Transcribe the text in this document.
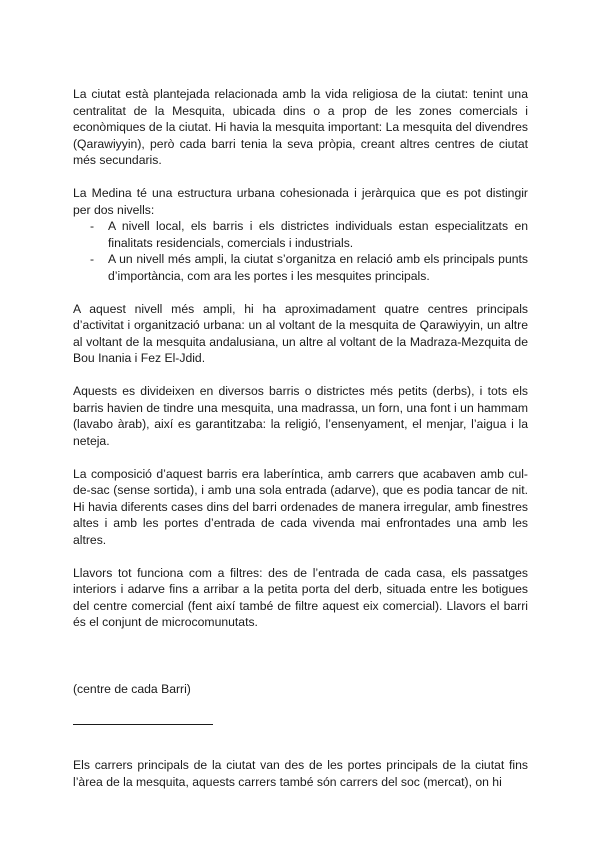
La ciutat està plantejada relacionada amb la vida religiosa de la ciutat: tenint una centralitat de la Mesquita, ubicada dins o a prop de les zones comercials i econòmiques de la ciutat. Hi havia la mesquita important: La mesquita del divendres (Qarawiyyin), però cada barri tenia la seva pròpia, creant altres centres de ciutat més secundaris.

La Medina té una estructura urbana cohesionada i jeràrquica que es pot distingir per dos nivells:

- A nivell local, els barris i els districtes individuals estan especialitzats en finalitats residencials, comercials i industrials.
- A un nivell més ampli, la ciutat s’organitza en relació amb els principals punts d’importància, com ara les portes i les mesquites principals.

A aquest nivell més ampli, hi ha aproximadament quatre centres principals d’activitat i organització urbana: un al voltant de la mesquita de Qarawiyyin, un altre al voltant de la mesquita andalusiana, un altre al voltant de la Madraza-Mezquita de Bou Inania i Fez El-Jdid.

Aquests es divideixen en diversos barris o districtes més petits (derbs), i tots els barris havien de tindre una mesquita, una madrassa, un forn, una font i un hammam (lavabo àrab), així es garantitzaba: la religió, l’ensenyament, el menjar, l’aigua i la neteja.

La composició d’aquest barris era laberíntica, amb carrers que acabaven amb cul-de-sac (sense sortida), i amb una sola entrada (adarve), que es podia tancar de nit. Hi havia diferents cases dins del barri ordenades de manera irregular, amb finestres altes i amb les portes d’entrada de cada vivenda mai enfrontades una amb les altres.

Llavors tot funciona com a filtres: des de l’entrada de cada casa, els passatges interiors i adarve fins a arribar a la petita porta del derb, situada entre les botigues del centre comercial (fent així també de filtre aquest eix comercial). Llavors el barri és el conjunt de microcomunutats.

(centre de cada Barri)

Els carrers principals de la ciutat van des de les portes principals de la ciutat fins l’àrea de la mesquita, aquests carrers també són carrers del soc (mercat), on hi
